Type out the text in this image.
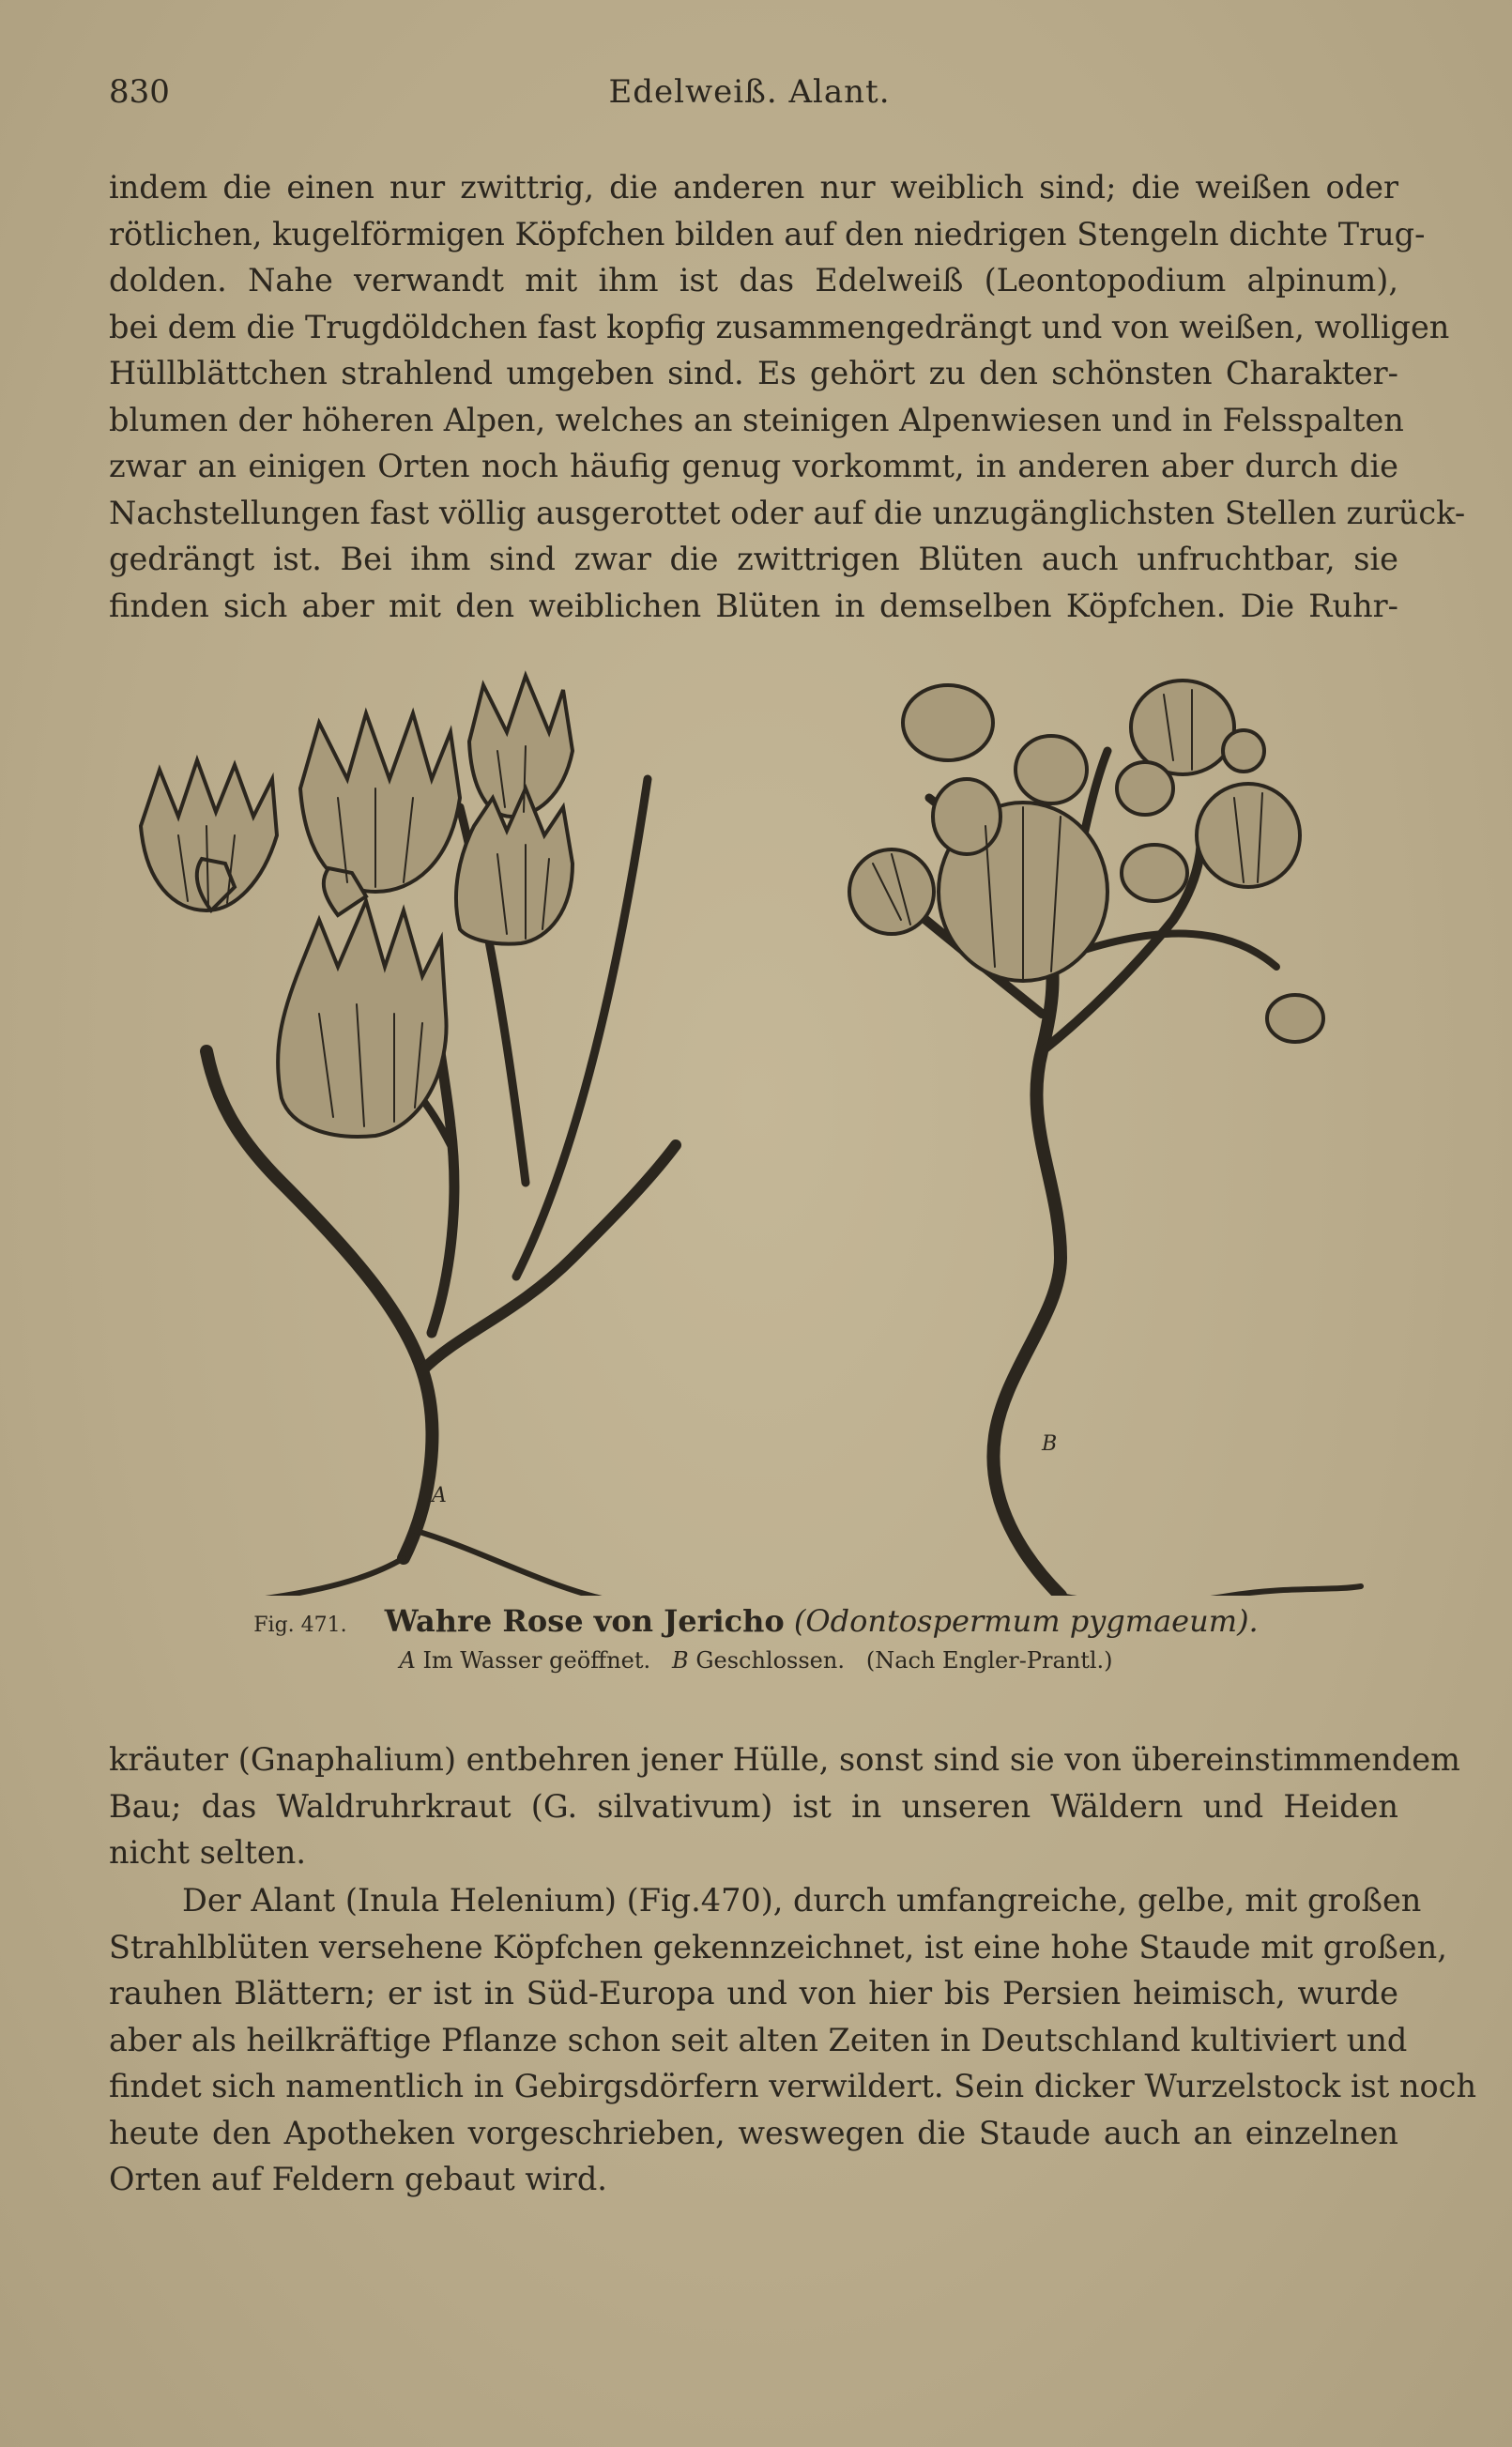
830	Edelweiß. Alant.

indem die einen nur zwittrig, die anderen nur weiblich sind; die weißen oder
rötlichen, kugelförmigen Köpfchen bilden auf den niedrigen Stengeln dichte Trug-
dolden. Nahe verwandt mit ihm ist das Edelweiß (Leontopodium alpinum),
bei dem die Trugdöldchen fast kopfig zusammengedrängt und von weißen, wolligen
Hüllblättchen strahlend umgeben sind. Es gehört zu den schönsten Charakter-
blumen der höheren Alpen, welches an steinigen Alpenwiesen und in Felsspalten
zwar an einigen Orten noch häufig genug vorkommt, in anderen aber durch die
Nachstellungen fast völlig ausgerottet oder auf die unzugänglichsten Stellen zurück-
gedrängt ist. Bei ihm sind zwar die zwittrigen Blüten auch unfruchtbar, sie
finden sich aber mit den weiblichen Blüten in demselben Köpfchen. Die Ruhr-

A
B
Fig. 471. Wahre Rose von Jericho (Odontospermum pygmaeum).
A Im Wasser geöffnet. B Geschlossen. (Nach Engler-Prantl.)

kräuter (Gnaphalium) entbehren jener Hülle, sonst sind sie von übereinstimmendem
Bau; das Waldruhrkraut (G. silvativum) ist in unseren Wäldern und Heiden
nicht selten.

Der Alant (Inula Helenium) (Fig.470), durch umfangreiche, gelbe, mit großen
Strahlblüten versehene Köpfchen gekennzeichnet, ist eine hohe Staude mit großen,
rauhen Blättern; er ist in Süd-Europa und von hier bis Persien heimisch, wurde
aber als heilkräftige Pflanze schon seit alten Zeiten in Deutschland kultiviert und
findet sich namentlich in Gebirgsdörfern verwildert. Sein dicker Wurzelstock ist noch
heute den Apotheken vorgeschrieben, weswegen die Staude auch an einzelnen
Orten auf Feldern gebaut wird.
